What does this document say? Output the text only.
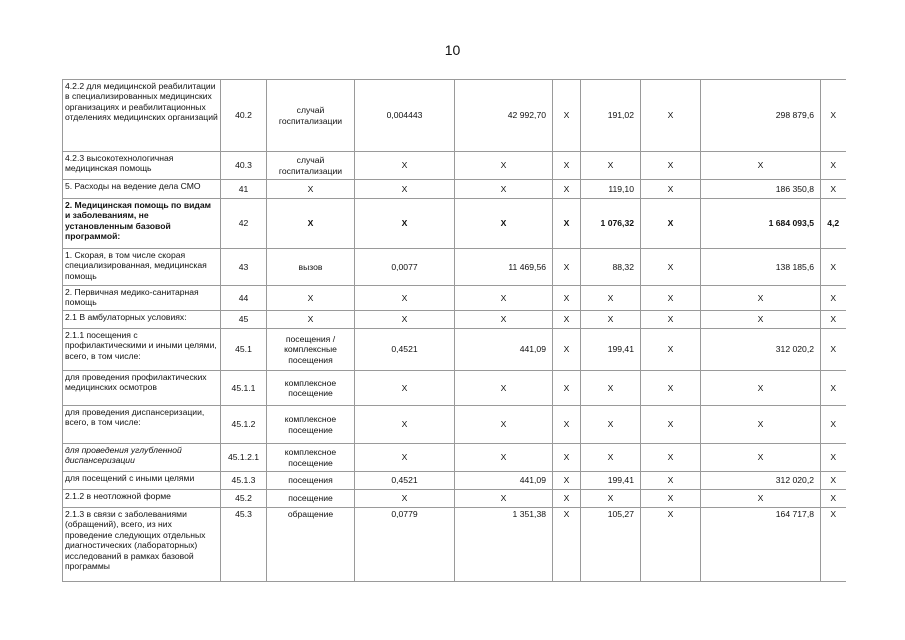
10
4.2.2 для медицинской реабилитации в специализированных медицинских организациях и реабилитационных отделениях медицинских организаций	40.2	случай госпитализации	0,004443	42 992,70	Х	191,02	Х	298 879,6	Х
4.2.3 высокотехнологичная медицинская помощь	40.3	случай госпитализации	Х	Х	Х	Х	Х	Х	Х
5. Расходы на ведение дела СМО	41	Х	Х	Х	Х	119,10	Х	186 350,8	Х
2. Медицинская помощь по видам и заболеваниям, не установленным базовой программой:	42	Х	Х	Х	Х	1 076,32	Х	1 684 093,5	4,2
1. Скорая, в том числе скорая специализированная, медицинская помощь	43	вызов	0,0077	11 469,56	Х	88,32	Х	138 185,6	Х
2. Первичная медико-санитарная помощь	44	Х	Х	Х	Х	Х	Х	Х	Х
2.1 В амбулаторных условиях:	45	Х	Х	Х	Х	Х	Х	Х	Х
2.1.1 посещения с профилактическими и иными целями, всего, в том числе:	45.1	посещения / комплексные посещения	0,4521	441,09	Х	199,41	Х	312 020,2	Х
для проведения профилактических медицинских осмотров	45.1.1	комплексное посещение	Х	Х	Х	Х	Х	Х	Х
для проведения диспансеризации, всего, в том числе:	45.1.2	комплексное посещение	Х	Х	Х	Х	Х	Х	Х
для проведения углубленной диспансеризации	45.1.2.1	комплексное посещение	Х	Х	Х	Х	Х	Х	Х
для посещений с иными целями	45.1.3	посещения	0,4521	441,09	Х	199,41	Х	312 020,2	Х
2.1.2 в неотложной форме	45.2	посещение	Х	Х	Х	Х	Х	Х	Х
2.1.3 в связи с заболеваниями (обращений), всего, из них проведение следующих отдельных диагностических (лабораторных) исследований в рамках базовой программы	45.3	обращение	0,0779	1 351,38	Х	105,27	Х	164 717,8	Х
